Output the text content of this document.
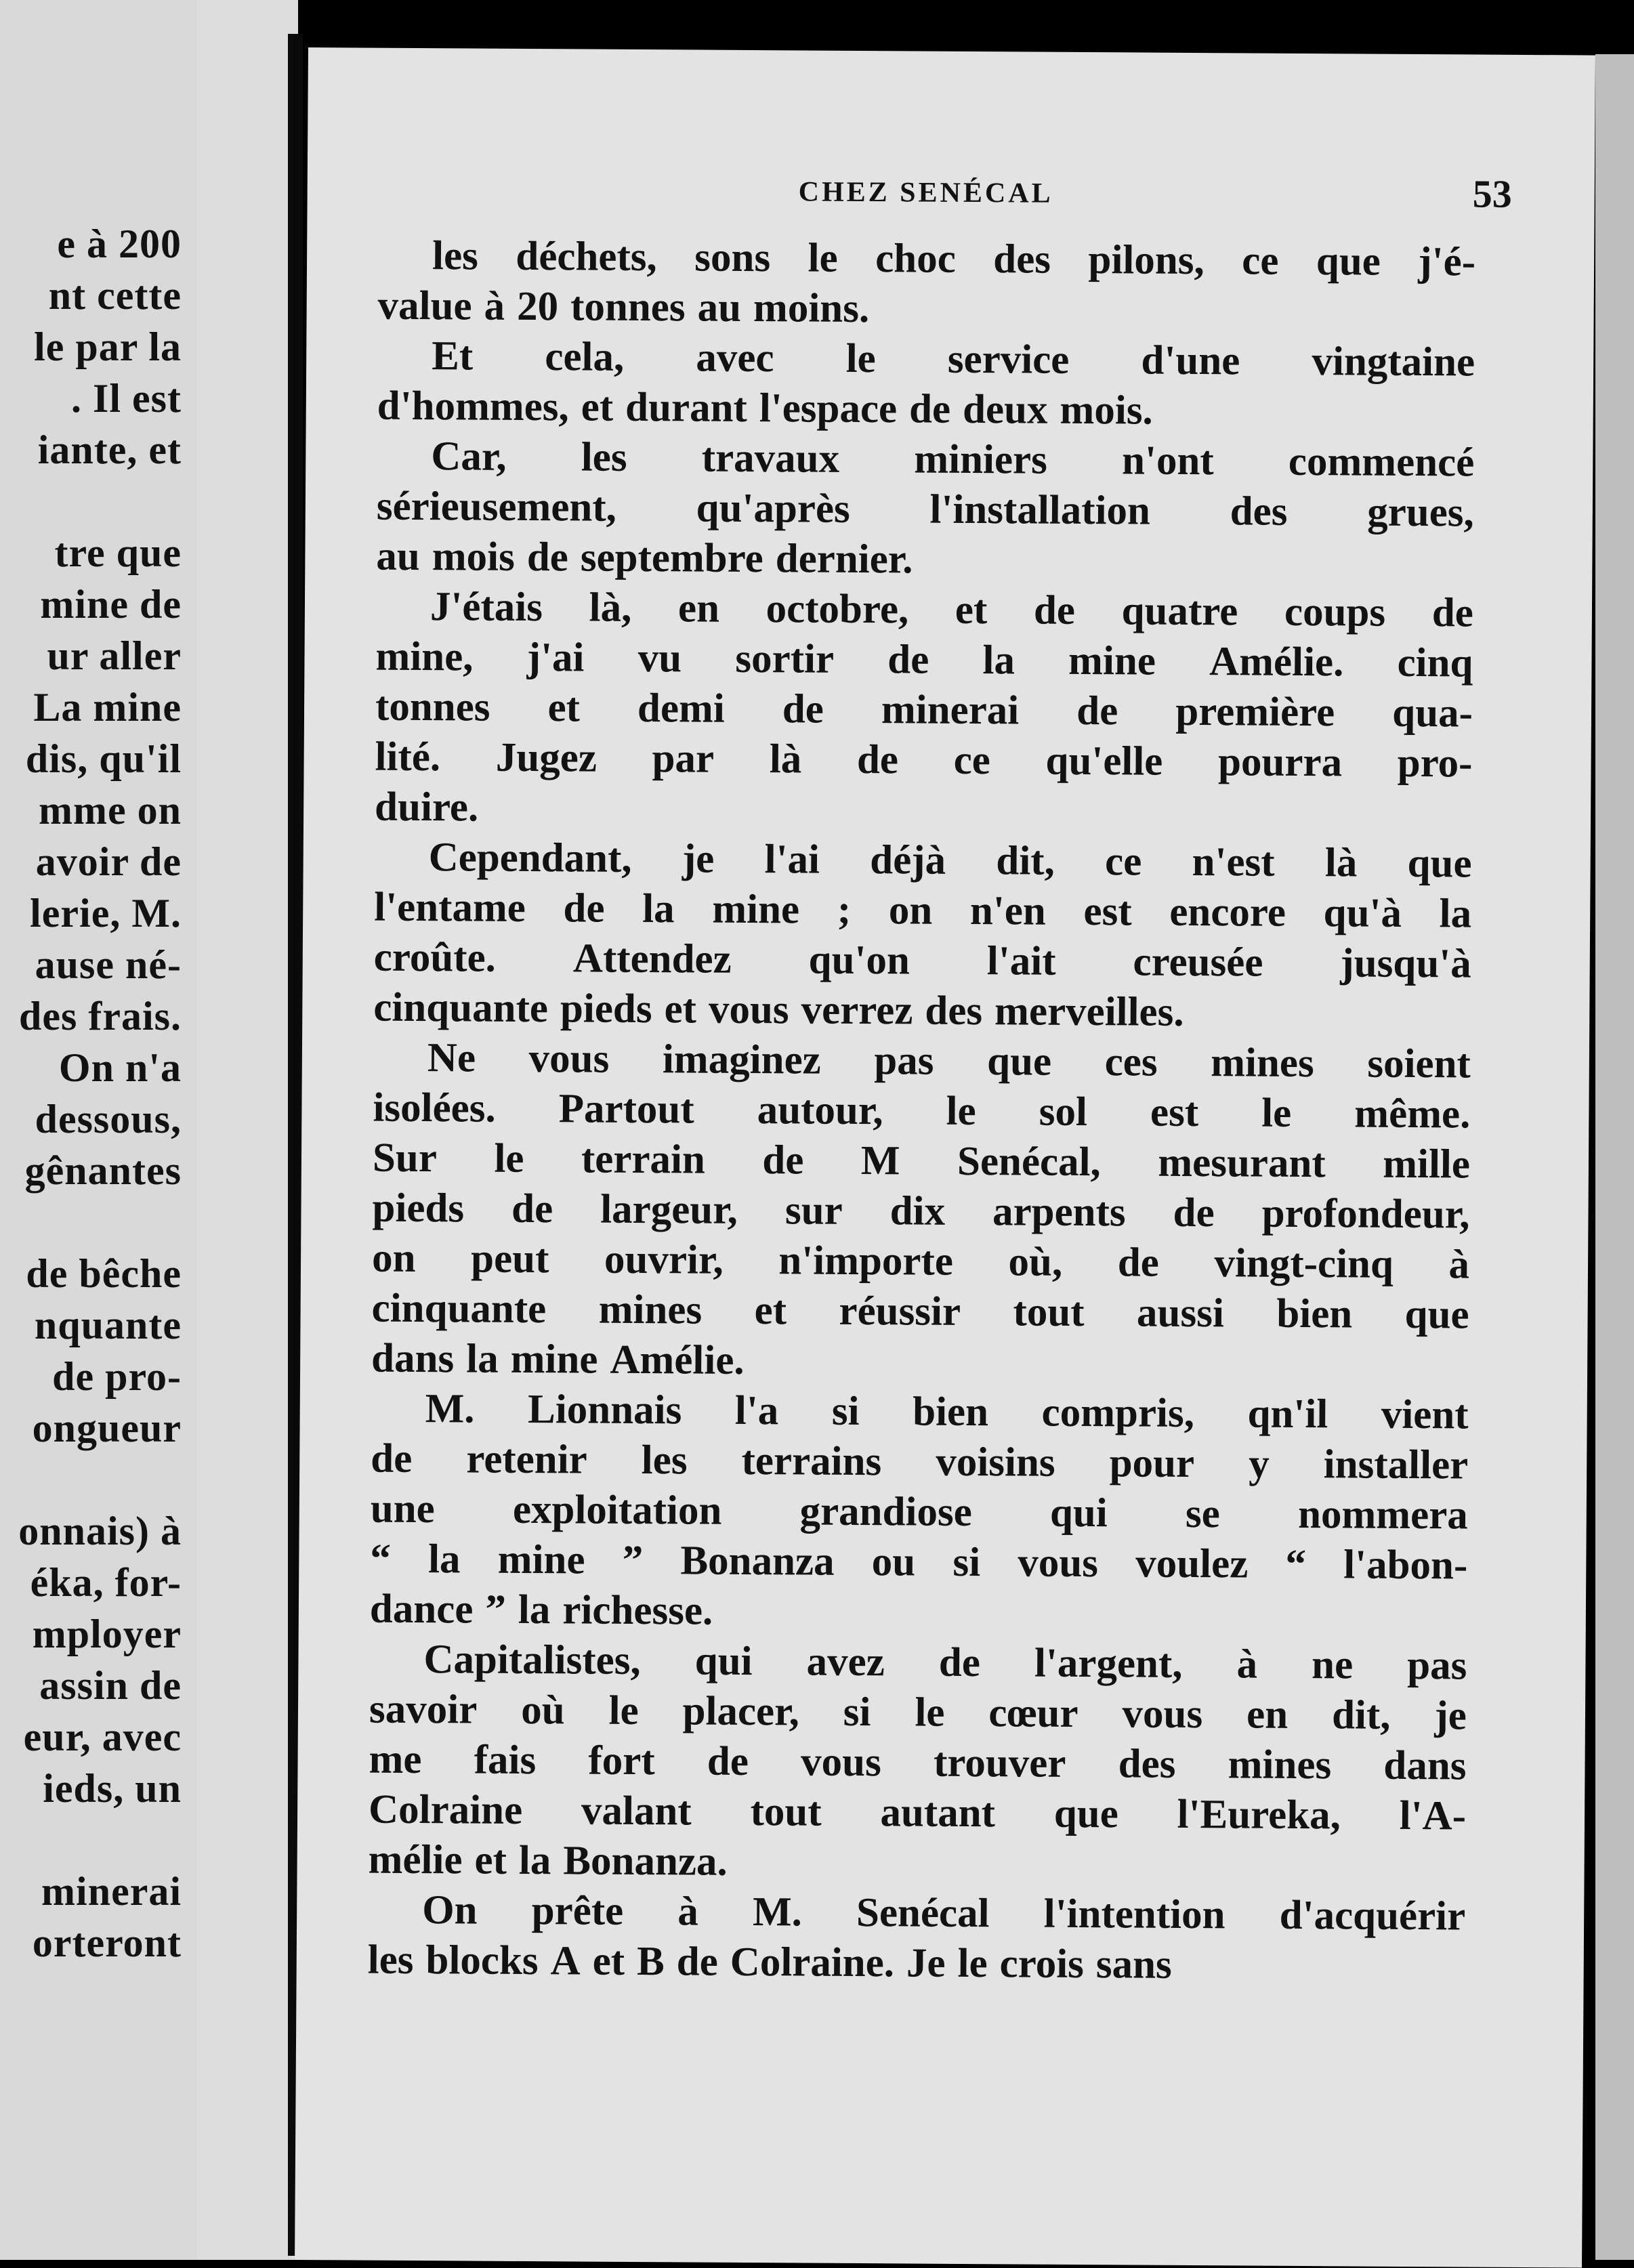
e à 200

nt cette

le par la

. Il est

iante, et

tre que

mine de

ur aller

La mine

dis, qu'il

mme on

avoir de

lerie, M.

ause né-

des frais.

On n'a

dessous,

gênantes

de bêche

nquante

de pro-

ongueur

onnais) à

éka, for-

mployer

assin de

eur, avec

ieds, un

minerai

orteront

CHEZ SENÉCAL	53

les déchets, sons le choc des pilons, ce que j'é-
value à 20 tonnes au moins.
Et cela, avec le service d'une vingtaine
d'hommes, et durant l'espace de deux mois.
Car, les travaux miniers n'ont commencé
sérieusement, qu'après l'installation des grues,
au mois de septembre dernier.
J'étais là, en octobre, et de quatre coups de
mine, j'ai vu sortir de la mine Amélie. cinq
tonnes et demi de minerai de première qua-
lité. Jugez par là de ce qu'elle pourra pro-
duire.
Cependant, je l'ai déjà dit, ce n'est là que
l'entame de la mine ; on n'en est encore qu'à la
croûte. Attendez qu'on l'ait creusée jusqu'à
cinquante pieds et vous verrez des merveilles.
Ne vous imaginez pas que ces mines soient
isolées. Partout autour, le sol est le même.
Sur le terrain de M Senécal, mesurant mille
pieds de largeur, sur dix arpents de profondeur,
on peut ouvrir, n'importe où, de vingt-cinq à
cinquante mines et réussir tout aussi bien que
dans la mine Amélie.
M. Lionnais l'a si bien compris, qn'il vient
de retenir les terrains voisins pour y installer
une exploitation grandiose qui se nommera
“ la mine ” Bonanza ou si vous voulez “ l'abon-
dance ” la richesse.
Capitalistes, qui avez de l'argent, à ne pas
savoir où le placer, si le cœur vous en dit, je
me fais fort de vous trouver des mines dans
Colraine valant tout autant que l'Eureka, l'A-
mélie et la Bonanza.
On prête à M. Senécal l'intention d'acquérir
les blocks A et B de Colraine. Je le crois sans
